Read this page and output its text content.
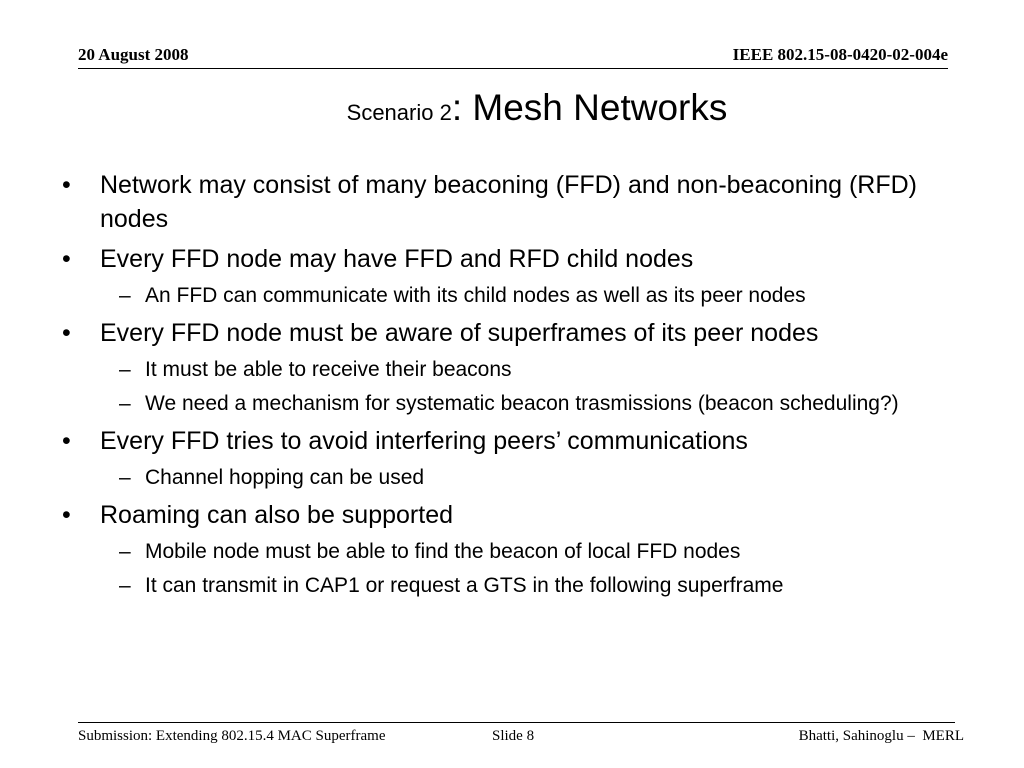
20 August 2008	IEEE 802.15-08-0420-02-004e
Scenario 2: Mesh Networks
• Network may consist of many beaconing (FFD) and non-beaconing (RFD) nodes
• Every FFD node may have FFD and RFD child nodes
– An FFD can communicate with its child nodes as well as its peer nodes
• Every FFD node must be aware of superframes of its peer nodes
– It must be able to receive their beacons
– We need a mechanism for systematic beacon trasmissions (beacon scheduling?)
• Every FFD tries to avoid interfering peers’ communications
– Channel hopping can be used
• Roaming can also be supported
– Mobile node must be able to find the beacon of local FFD nodes
– It can transmit in CAP1 or request a GTS in the following superframe
Submission: Extending 802.15.4 MAC Superframe	Slide 8	Bhatti, Sahinoglu –  MERL
